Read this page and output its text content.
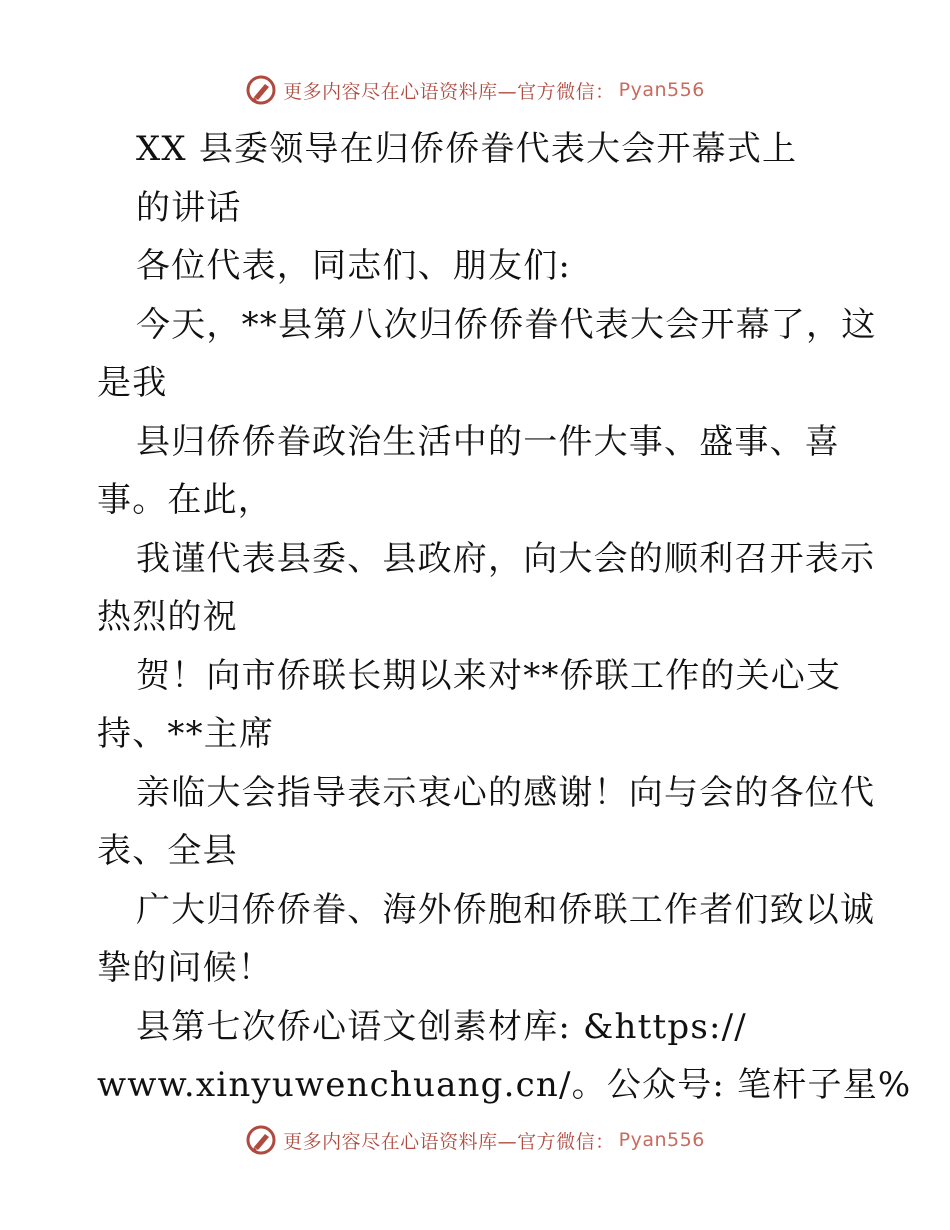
更多内容尽在心语资料库—官方微信： Pyan556
XX 县委领导在归侨侨眷代表大会开幕式上
的讲话
各位代表，同志们、朋友们:
今天，**县第八次归侨侨眷代表大会开幕了，这
是我
县归侨侨眷政治生活中的一件大事、盛事、喜
事。在此，
我谨代表县委、县政府，向大会的顺利召开表示
热烈的祝
贺！向市侨联长期以来对**侨联工作的关心支
持、**主席
亲临大会指导表示衷心的感谢！向与会的各位代
表、全县
广大归侨侨眷、海外侨胞和侨联工作者们致以诚
挚的问候！
县第七次侨心语文创素材库: &https://
www.xinyuwenchuang.cn/。公众号: 笔杆子星%
更多内容尽在心语资料库—官方微信： Pyan556
